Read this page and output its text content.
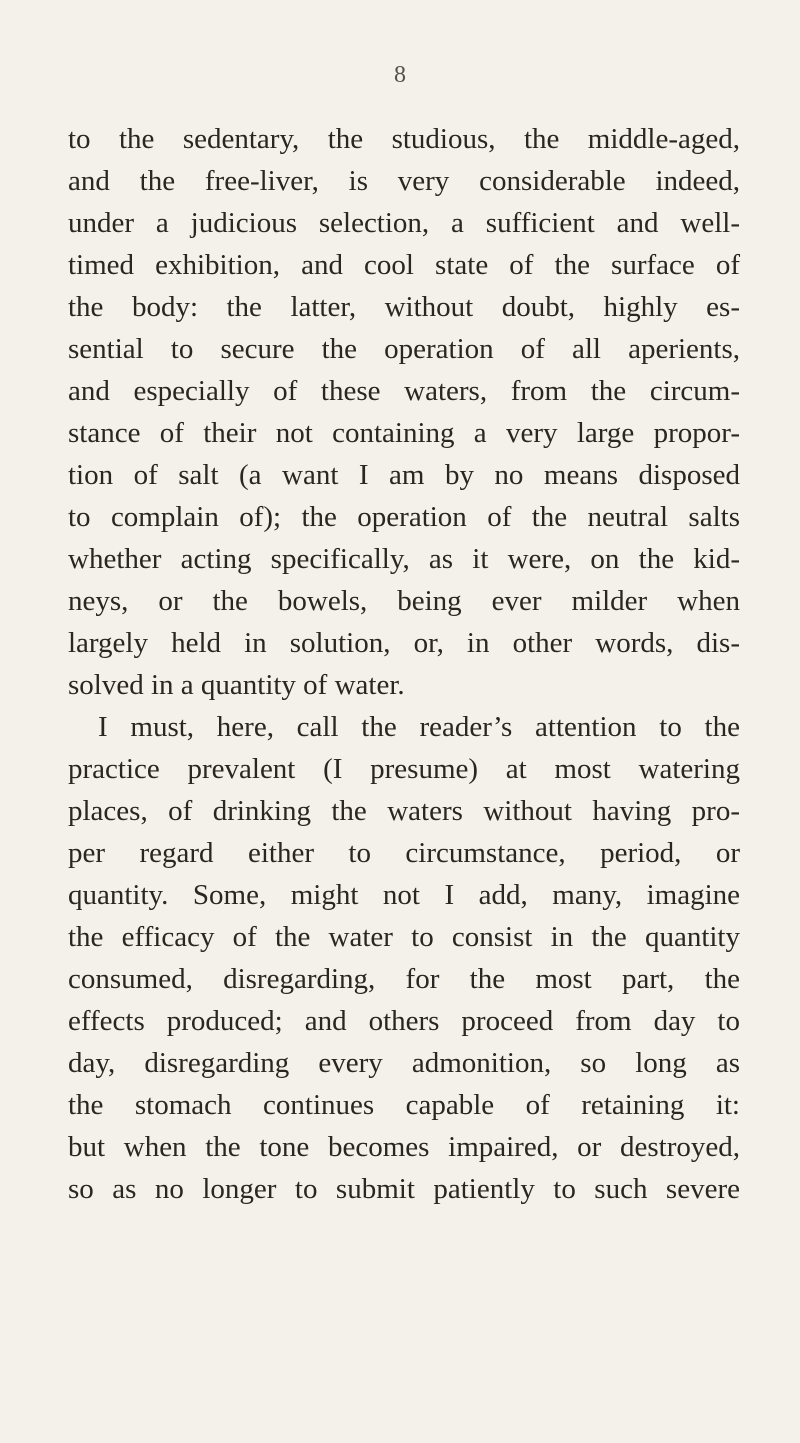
8
to the sedentary, the studious, the middle-aged,
and the free-liver, is very considerable indeed,
under a judicious selection, a sufficient and well-
timed exhibition, and cool state of the surface of
the body: the latter, without doubt, highly es-
sential to secure the operation of all aperients,
and especially of these waters, from the circum-
stance of their not containing a very large propor-
tion of salt (a want I am by no means disposed
to complain of); the operation of the neutral salts
whether acting specifically, as it were, on the kid-
neys, or the bowels, being ever milder when
largely held in solution, or, in other words, dis-
solved in a quantity of water.
I must, here, call the reader’s attention to the
practice prevalent (I presume) at most watering
places, of drinking the waters without having pro-
per regard either to circumstance, period, or
quantity. Some, might not I add, many, imagine
the efficacy of the water to consist in the quantity
consumed, disregarding, for the most part, the
effects produced; and others proceed from day to
day, disregarding every admonition, so long as
the stomach continues capable of retaining it:
but when the tone becomes impaired, or destroyed,
so as no longer to submit patiently to such severe
